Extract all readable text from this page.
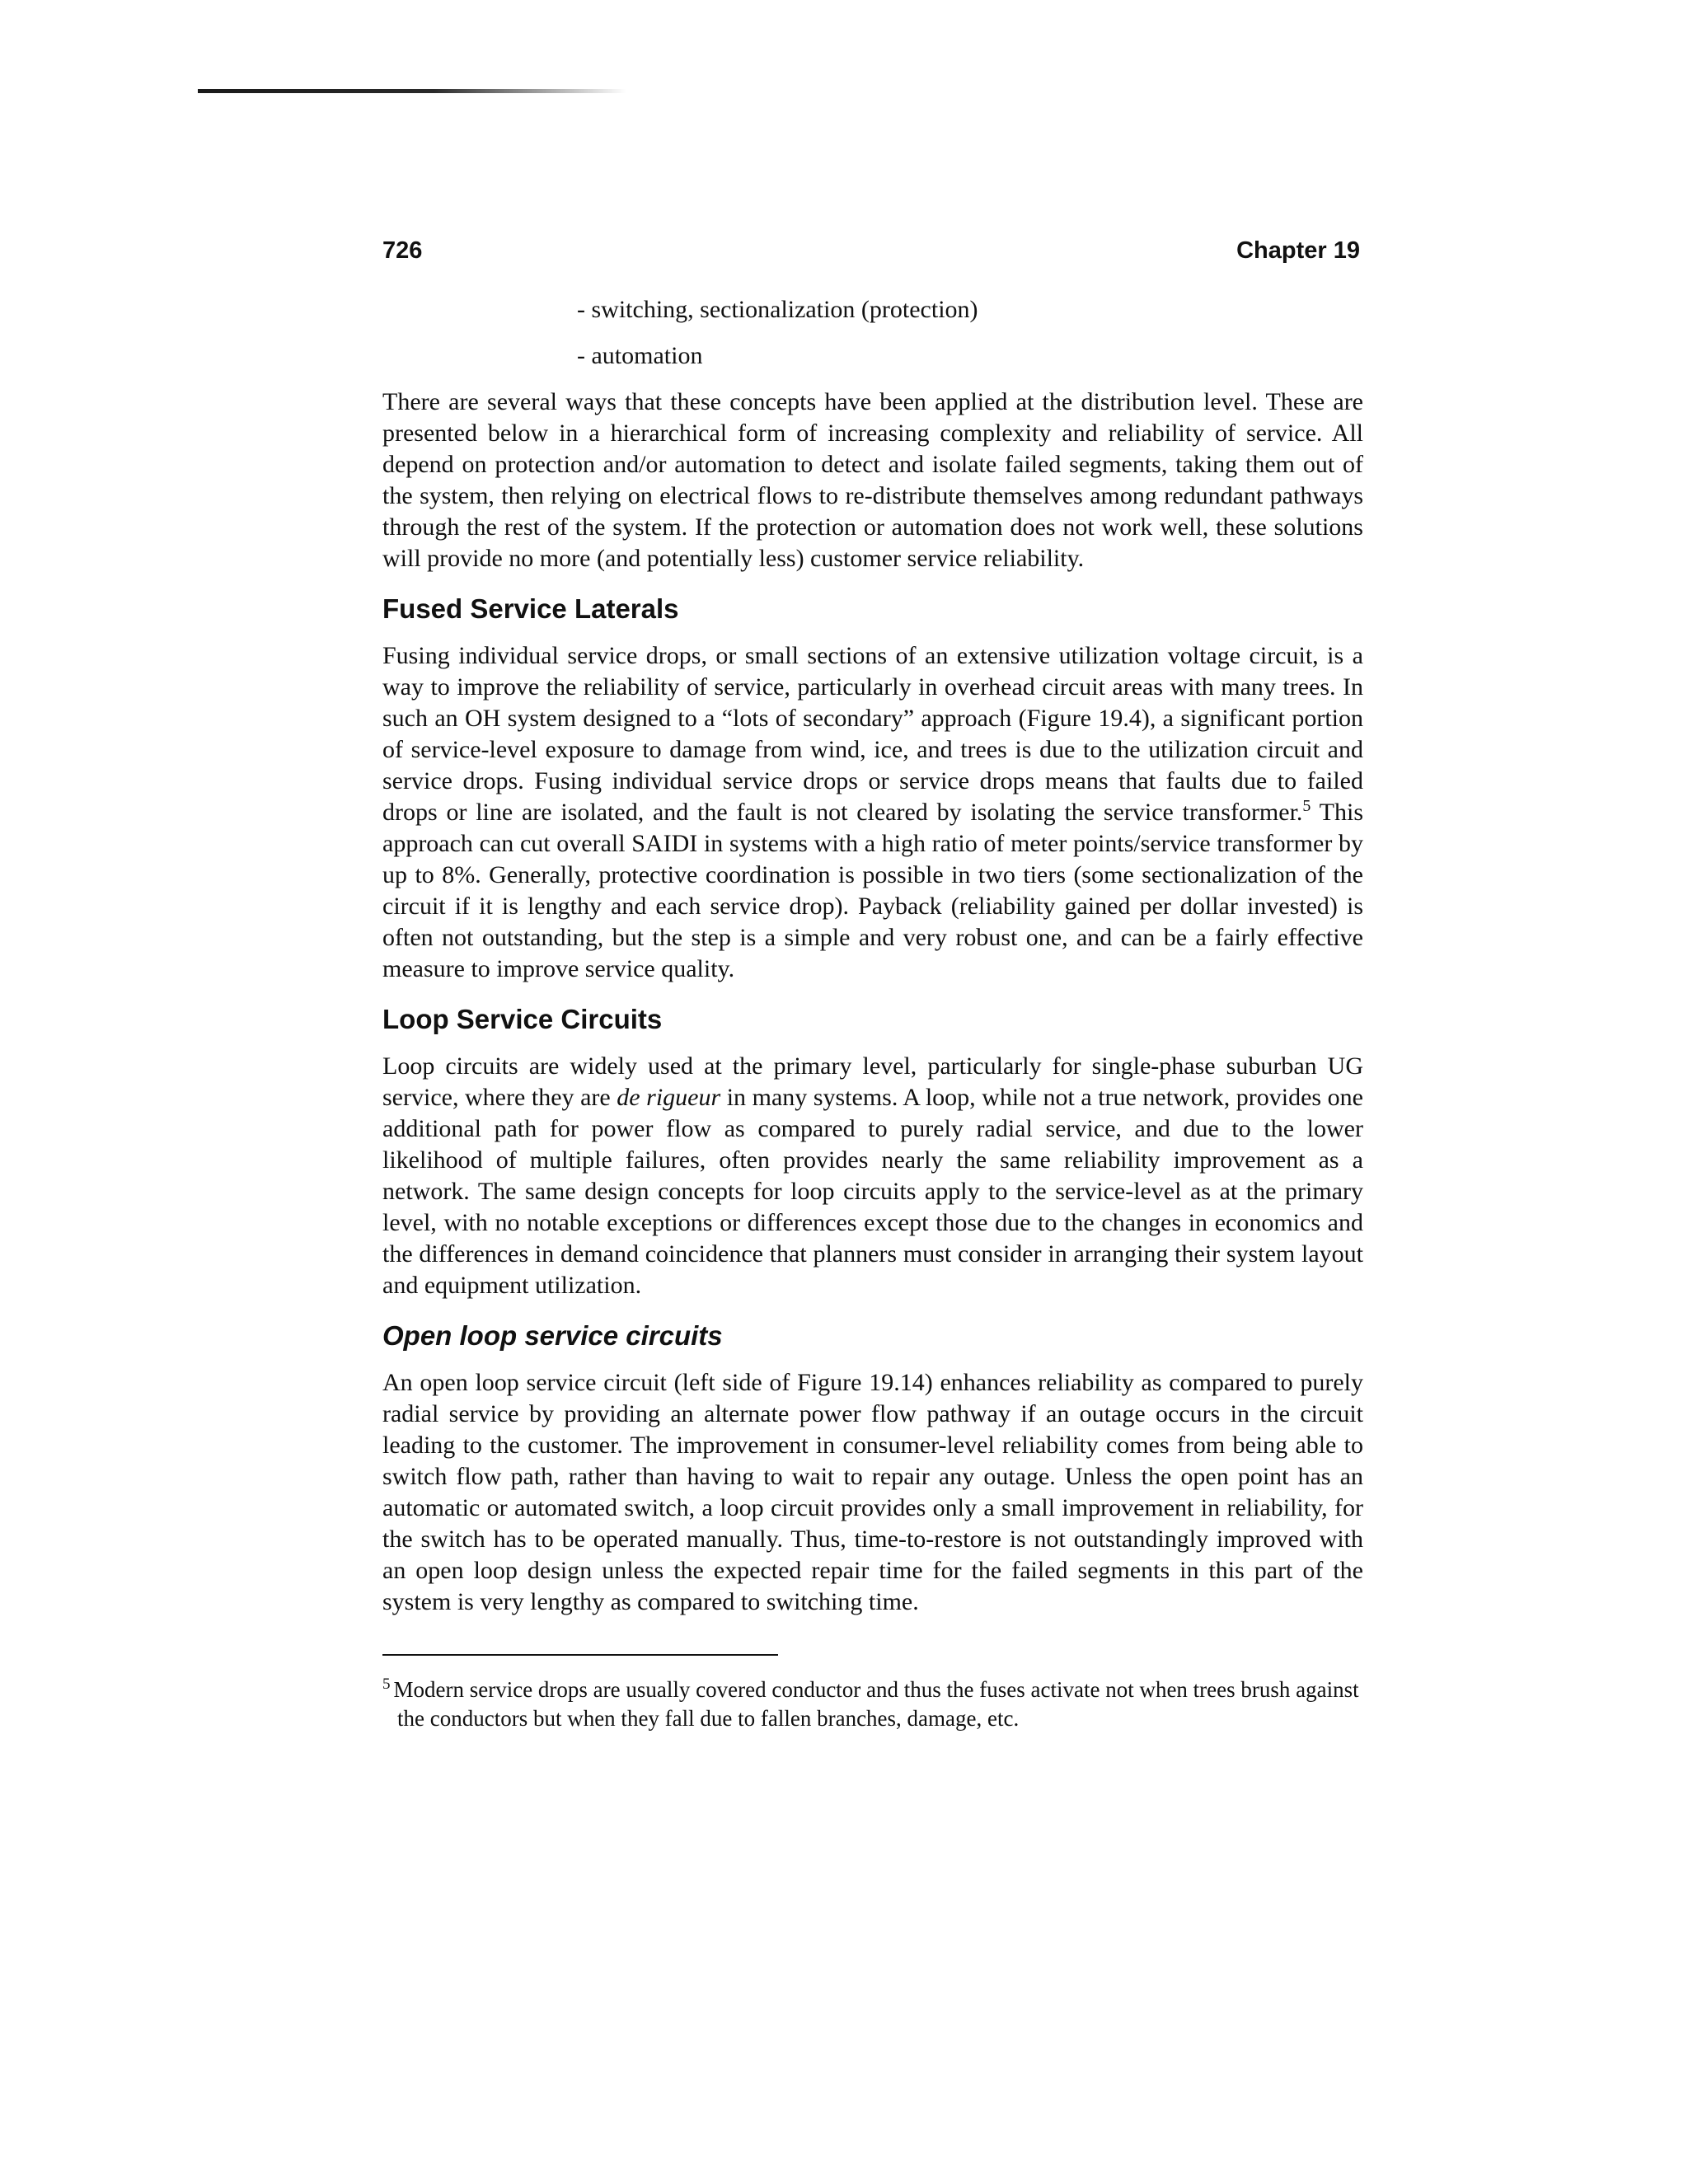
726	Chapter 19
- switching, sectionalization (protection)
- automation

There are several ways that these concepts have been applied at the distribution level. These are presented below in a hierarchical form of increasing complexity and reliability of service. All depend on protection and/or automation to detect and isolate failed segments, taking them out of the system, then relying on electrical flows to re-distribute themselves among redundant pathways through the rest of the system. If the protection or automation does not work well, these solutions will provide no more (and potentially less) customer service reliability.

Fused Service Laterals

Fusing individual service drops, or small sections of an extensive utilization voltage circuit, is a way to improve the reliability of service, particularly in overhead circuit areas with many trees. In such an OH system designed to a “lots of secondary” approach (Figure 19.4), a significant portion of service-level exposure to damage from wind, ice, and trees is due to the utilization circuit and service drops. Fusing individual service drops or service drops means that faults due to failed drops or line are isolated, and the fault is not cleared by isolating the service transformer.$^5$ This approach can cut overall SAIDI in systems with a high ratio of meter points/service transformer by up to 8%. Generally, protective coordination is possible in two tiers (some sectionalization of the circuit if it is lengthy and each service drop). Payback (reliability gained per dollar invested) is often not outstanding, but the step is a simple and very robust one, and can be a fairly effective measure to improve service quality.

Loop Service Circuits

Loop circuits are widely used at the primary level, particularly for single-phase suburban UG service, where they are de rigueur in many systems. A loop, while not a true network, provides one additional path for power flow as compared to purely radial service, and due to the lower likelihood of multiple failures, often provides nearly the same reliability improvement as a network. The same design concepts for loop circuits apply to the service-level as at the primary level, with no notable exceptions or differences except those due to the changes in economics and the differences in demand coincidence that planners must consider in arranging their system layout and equipment utilization.

Open loop service circuits

An open loop service circuit (left side of Figure 19.14) enhances reliability as compared to purely radial service by providing an alternate power flow pathway if an outage occurs in the circuit leading to the customer. The improvement in consumer-level reliability comes from being able to switch flow path, rather than having to wait to repair any outage. Unless the open point has an automatic or automated switch, a loop circuit provides only a small improvement in reliability, for the switch has to be operated manually. Thus, time-to-restore is not outstandingly improved with an open loop design unless the expected repair time for the failed segments in this part of the system is very lengthy as compared to switching time.

$^5$ Modern service drops are usually covered conductor and thus the fuses activate not when trees brush against the conductors but when they fall due to fallen branches, damage, etc.
